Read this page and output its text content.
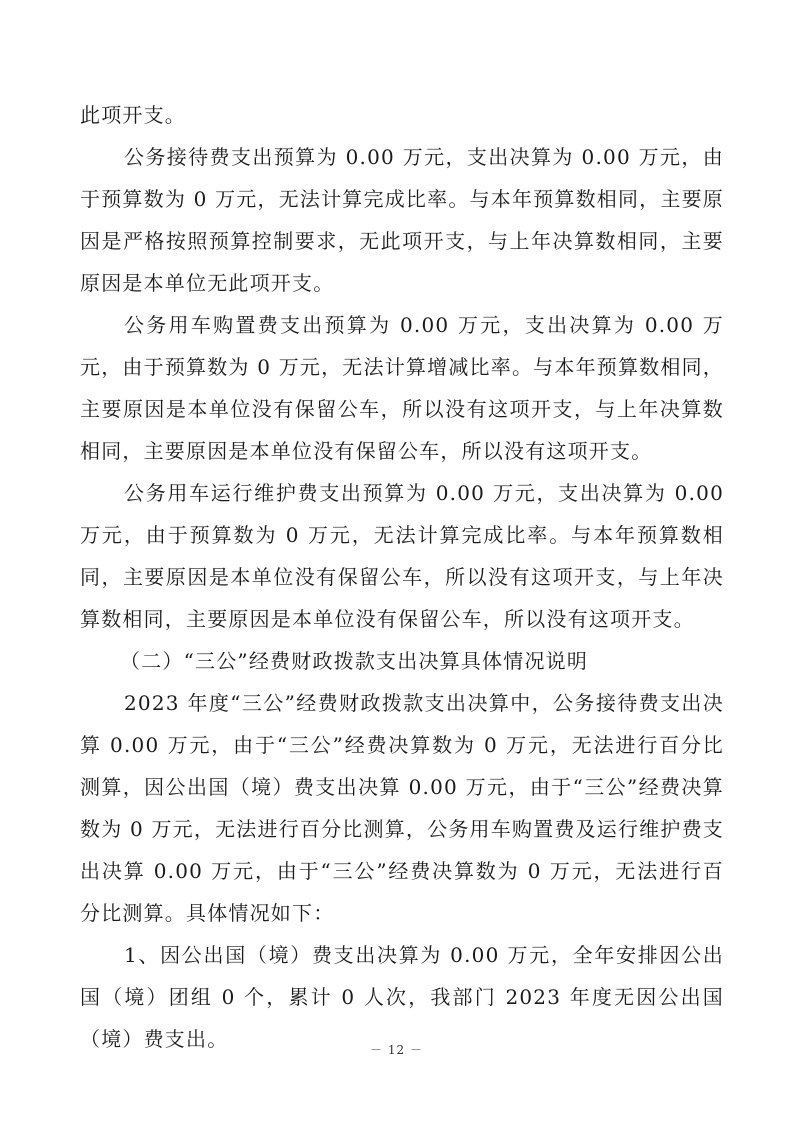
此项开支。

公务接待费支出预算为 0.00 万元，支出决算为 0.00 万元，由于预算数为 0 万元，无法计算完成比率。与本年预算数相同，主要原因是严格按照预算控制要求，无此项开支，与上年决算数相同，主要原因是本单位无此项开支。

公务用车购置费支出预算为 0.00 万元，支出决算为 0.00 万元，由于预算数为 0 万元，无法计算增减比率。与本年预算数相同，主要原因是本单位没有保留公车，所以没有这项开支，与上年决算数相同，主要原因是本单位没有保留公车，所以没有这项开支。

公务用车运行维护费支出预算为 0.00 万元，支出决算为 0.00 万元，由于预算数为 0 万元，无法计算完成比率。与本年预算数相同，主要原因是本单位没有保留公车，所以没有这项开支，与上年决算数相同，主要原因是本单位没有保留公车，所以没有这项开支。

（二）“三公”经费财政拨款支出决算具体情况说明

2023 年度“三公”经费财政拨款支出决算中，公务接待费支出决算 0.00 万元，由于“三公”经费决算数为 0 万元，无法进行百分比测算，因公出国（境）费支出决算 0.00 万元，由于“三公”经费决算数为 0 万元，无法进行百分比测算，公务用车购置费及运行维护费支出决算 0.00 万元，由于“三公”经费决算数为 0 万元，无法进行百分比测算。具体情况如下：

1、因公出国（境）费支出决算为 0.00 万元，全年安排因公出国（境）团组 0 个，累计 0 人次，我部门 2023 年度无因公出国（境）费支出。	－ 12 －
